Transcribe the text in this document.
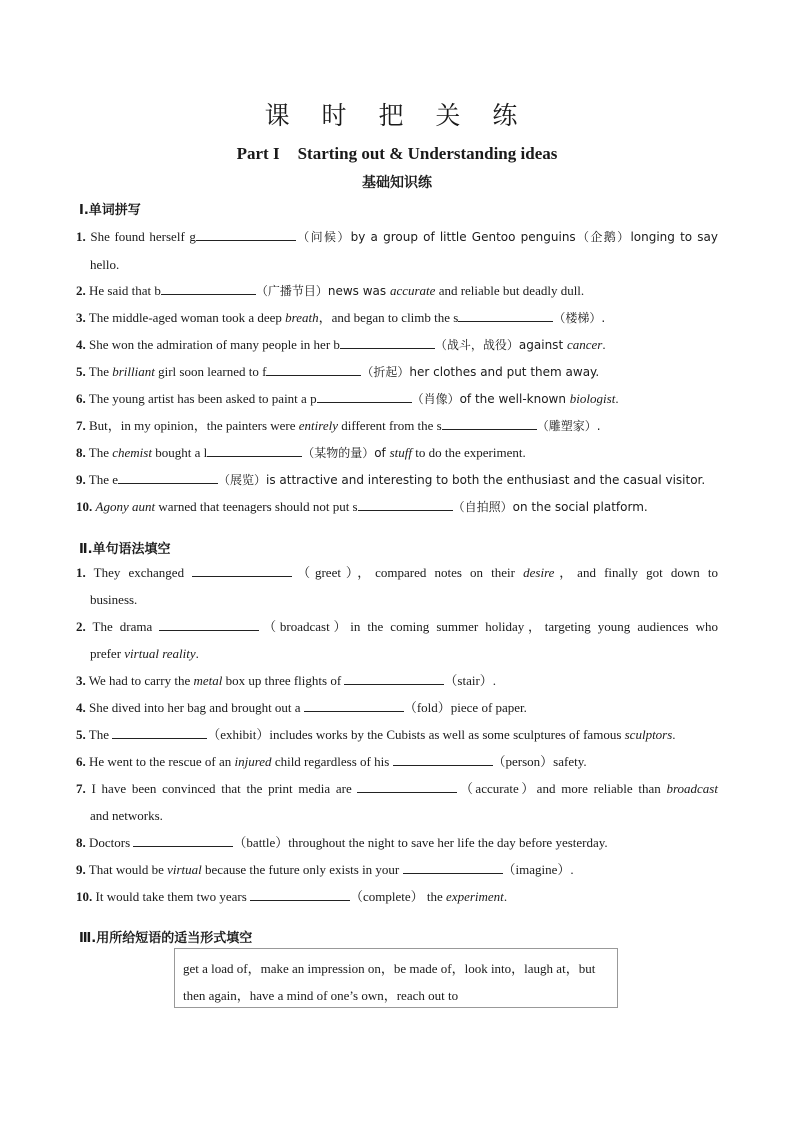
课 时 把 关 练
Part I Starting out & Understanding ideas
基础知识练
Ⅰ.单词拼写
1. She found herself g	（问候）by a group of little Gentoo penguins（企鹅）longing to say
hello.
2. He said that b	（广播节目）news was accurate and reliable but deadly dull.
3. The middle-aged woman took a deep breath，and began to climb the s	（楼梯）.
4. She won the admiration of many people in her b	（战斗，战役）against cancer.
5. The brilliant girl soon learned to f	（折起）her clothes and put them away.
6. The young artist has been asked to paint a p	（肖像）of the well-known biologist.
7. But，in my opinion，the painters were entirely different from the s	（雕塑家）.
8. The chemist bought a l	（某物的量）of stuff to do the experiment.
9. The e	（展览）is attractive and interesting to both the enthusiast and the casual visitor.
10. Agony aunt warned that teenagers should not put s	（自拍照）on the social platform.
Ⅱ.单句语法填空
1. They exchanged	（greet），compared notes on their desire，and finally got down to
business.
2. The drama	（broadcast）in the coming summer holiday，targeting young audiences who
prefer virtual reality.
3. We had to carry the metal box up three flights of	（stair）.
4. She dived into her bag and brought out a	（fold）piece of paper.
5. The	（exhibit）includes works by the Cubists as well as some sculptures of famous sculptors.
6. He went to the rescue of an injured child regardless of his	（person）safety.
7. I have been convinced that the print media are	（accurate）and more reliable than broadcast
and networks.
8. Doctors	（battle）throughout the night to save her life the day before yesterday.
9. That would be virtual because the future only exists in your	（imagine）.
10. It would take them two years	（complete） the experiment.
Ⅲ.用所给短语的适当形式填空
get a load of，make an impression on，be made of，look into，laugh at，but
then again，have a mind of one’s own，reach out to
